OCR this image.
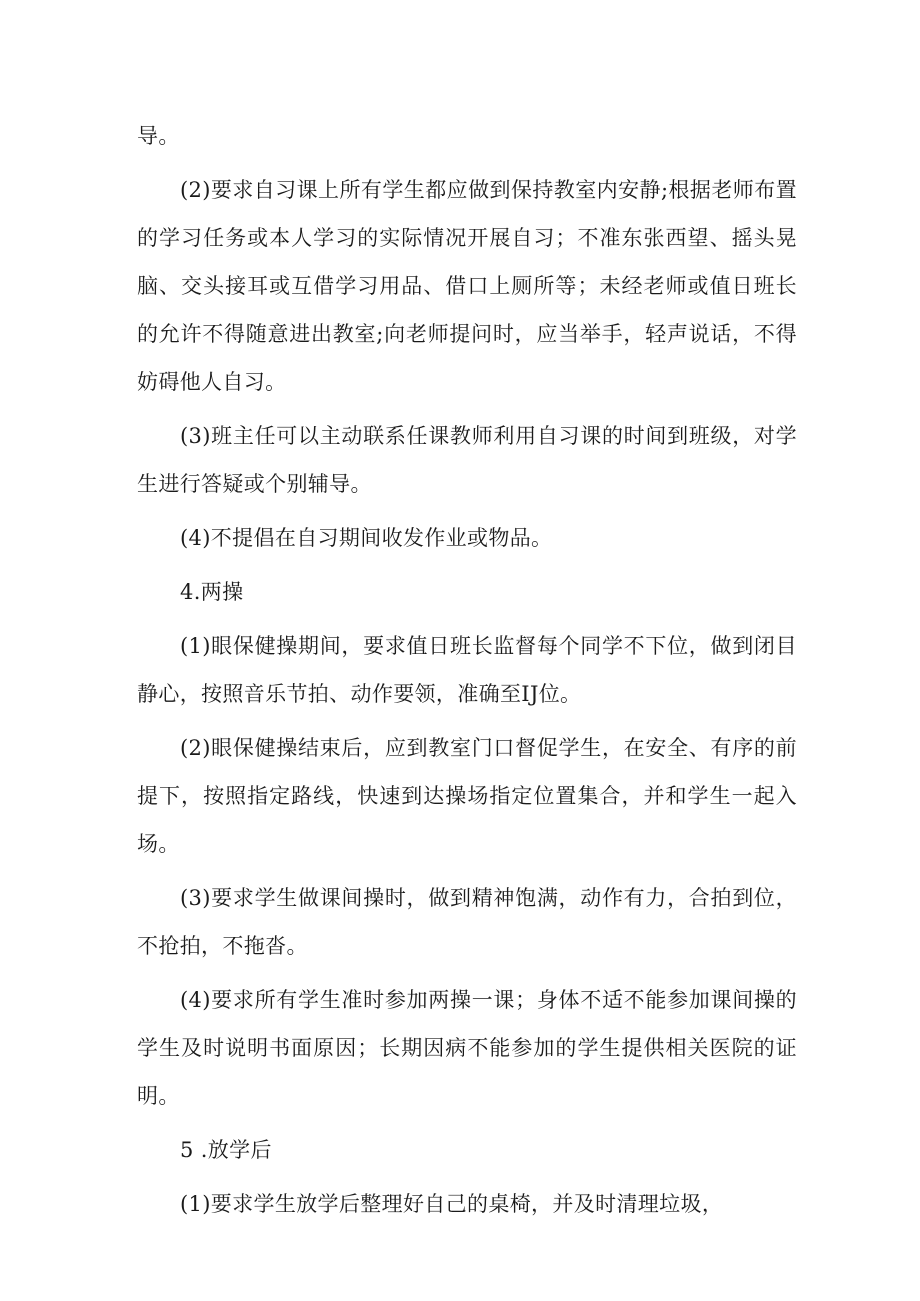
导。

(2)要求自习课上所有学生都应做到保持教室内安静;根据老师布置的学习任务或本人学习的实际情况开展自习；不准东张西望、摇头晃脑、交头接耳或互借学习用品、借口上厕所等；未经老师或值日班长的允许不得随意进出教室;向老师提问时，应当举手，轻声说话，不得妨碍他人自习。

(3)班主任可以主动联系任课教师利用自习课的时间到班级，对学生进行答疑或个别辅导。

(4)不提倡在自习期间收发作业或物品。

4.两操

(1)眼保健操期间，要求值日班长监督每个同学不下位，做到闭目静心，按照音乐节拍、动作要领，准确至IJ位。

(2)眼保健操结束后，应到教室门口督促学生，在安全、有序的前提下，按照指定路线，快速到达操场指定位置集合，并和学生一起入场。

(3)要求学生做课间操时，做到精神饱满，动作有力，合拍到位，不抢拍，不拖沓。

(4)要求所有学生准时参加两操一课；身体不适不能参加课间操的学生及时说明书面原因；长期因病不能参加的学生提供相关医院的证明。

5 .放学后

(1)要求学生放学后整理好自己的桌椅，并及时清理垃圾，
